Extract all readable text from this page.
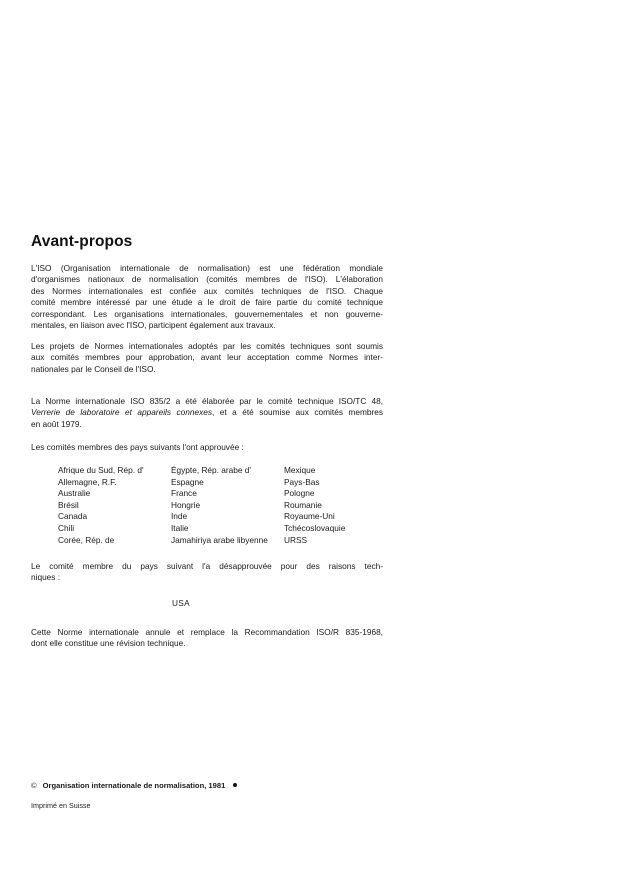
Avant-propos
L'ISO (Organisation internationale de normalisation) est une fédération mondiale
d'organismes nationaux de normalisation (comités membres de l'ISO). L'élaboration
des Normes internationales est confiée aux comités techniques de l'ISO. Chaque
comité membre intéressé par une étude a le droit de faire partie du comité technique
correspondant. Les organisations internationales, gouvernementales et non gouverne-
mentales, en liaison avec l'ISO, participent également aux travaux.
Les projets de Normes internationales adoptés par les comités techniques sont soumis
aux comités membres pour approbation, avant leur acceptation comme Normes inter-
nationales par le Conseil de l'ISO.
La Norme internationale ISO 835/2 a été élaborée par le comité technique ISO/TC 48,
Verrerie de laboratoire et appareils connexes, et a été soumise aux comités membres
en août 1979.
Les comités membres des pays suivants l'ont approuvée :
Afrique du Sud, Rép. d'
Allemagne, R.F.
Australie
Brésil
Canada
Chili
Corée, Rép. de
Égypte, Rép. arabe d'
Espagne
France
Hongrie
Inde
Italie
Jamahiriya arabe libyenne
Mexique
Pays-Bas
Pologne
Roumanie
Royaume-Uni
Tchécoslovaquie
URSS
Le comité membre du pays suivant l'a désapprouvée pour des raisons tech-
niques :
USA
Cette Norme internationale annule et remplace la Recommandation ISO/R 835-1968,
dont elle constitue une révision technique.
© Organisation internationale de normalisation, 1981
Imprimé en Suisse
